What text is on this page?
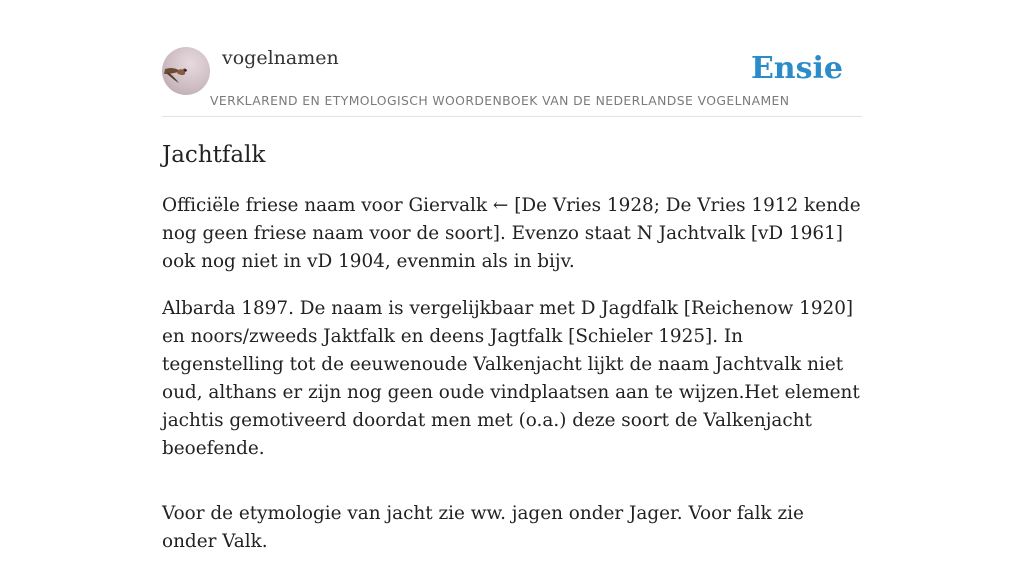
vogelnamen	Ensie
VERKLAREND EN ETYMOLOGISCH WOORDENBOEK VAN DE NEDERLANDSE VOGELNAMEN
Jachtfalk

Officiële friese naam voor Giervalk ← [De Vries 1928; De Vries 1912 kende nog geen friese naam voor de soort]. Evenzo staat N Jachtvalk [vD 1961] ook nog niet in vD 1904, evenmin als in bijv.

Albarda 1897. De naam is vergelijkbaar met D Jagdfalk [Reichenow 1920] en noors/zweeds Jaktfalk en deens Jagtfalk [Schieler 1925]. In tegenstelling tot de eeuwenoude Valkenjacht lijkt de naam Jachtvalk niet oud, althans er zijn nog geen oude vindplaatsen aan te wijzen.Het element jachtis gemotiveerd doordat men met (o.a.) deze soort de Valkenjacht beoefende.

Voor de etymologie van jacht zie ww. jagen onder Jager. Voor falk zie onder Valk.
